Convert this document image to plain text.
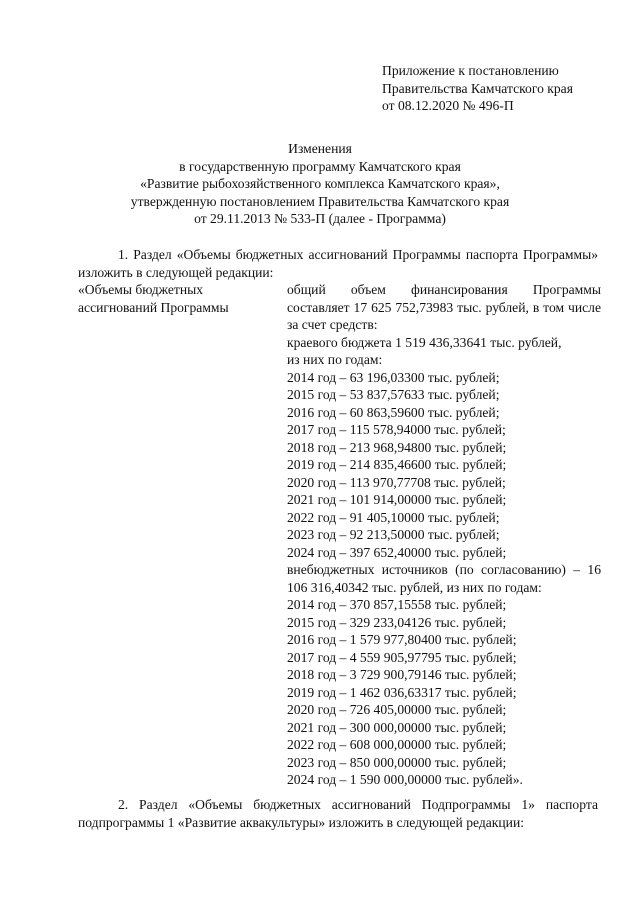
Приложение к постановлению
Правительства Камчатского края
от 08.12.2020 № 496-П
Изменения
в государственную программу Камчатского края
«Развитие рыбохозяйственного комплекса Камчатского края»,
утвержденную постановлением Правительства Камчатского края
от 29.11.2013 № 533-П (далее - Программа)
1. Раздел «Объемы бюджетных ассигнований Программы паспорта Программы» изложить в следующей редакции:
«Объемы бюджетных
ассигнований Программы
общий объем финансирования Программы составляет 17 625 752,73983 тыс. рублей, в том числе за счет средств:
краевого бюджета 1 519 436,33641 тыс. рублей,
из них по годам:
2014 год – 63 196,03300 тыс. рублей;
2015 год – 53 837,57633 тыс. рублей;
2016 год – 60 863,59600 тыс. рублей;
2017 год – 115 578,94000 тыс. рублей;
2018 год – 213 968,94800 тыс. рублей;
2019 год – 214 835,46600 тыс. рублей;
2020 год – 113 970,77708 тыс. рублей;
2021 год – 101 914,00000 тыс. рублей;
2022 год – 91 405,10000 тыс. рублей;
2023 год – 92 213,50000 тыс. рублей;
2024 год – 397 652,40000 тыс. рублей;
внебюджетных источников (по согласованию) – 16 106 316,40342 тыс. рублей, из них по годам:
2014 год – 370 857,15558 тыс. рублей;
2015 год – 329 233,04126 тыс. рублей;
2016 год – 1 579 977,80400 тыс. рублей;
2017 год – 4 559 905,97795 тыс. рублей;
2018 год – 3 729 900,79146 тыс. рублей;
2019 год – 1 462 036,63317 тыс. рублей;
2020 год – 726 405,00000 тыс. рублей;
2021 год – 300 000,00000 тыс. рублей;
2022 год – 608 000,00000 тыс. рублей;
2023 год – 850 000,00000 тыс. рублей;
2024 год – 1 590 000,00000 тыс. рублей».
2. Раздел «Объемы бюджетных ассигнований Подпрограммы 1» паспорта подпрограммы 1 «Развитие аквакультуры» изложить в следующей редакции:
